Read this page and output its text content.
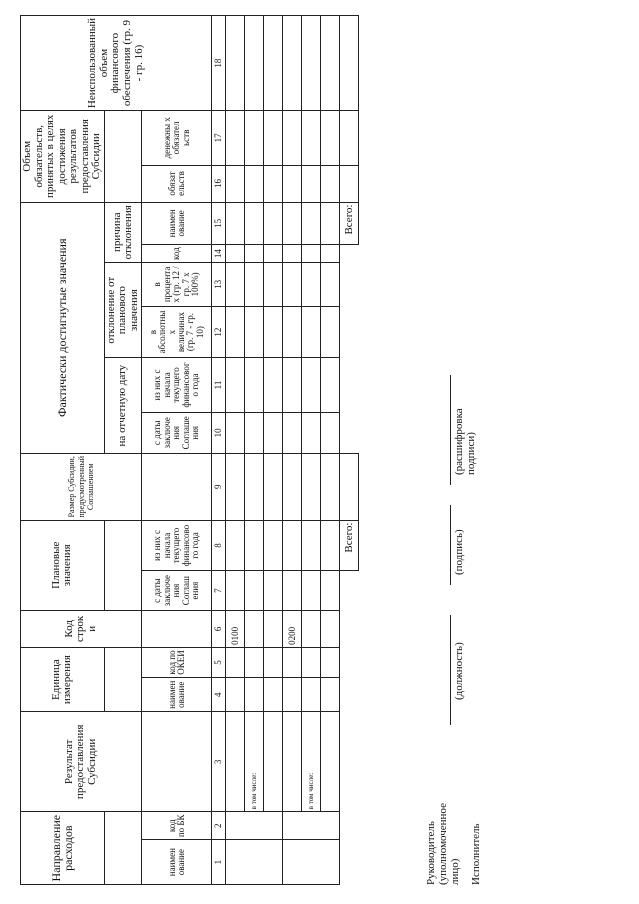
Направление расходов		Результат предоставления Субсидии	Единица измерения		Код строк и	Плановые значения		Размер Субсидии, предусмотренный Соглашением	Фактически достигнутые значения						Объем обязательств, принятых в целях достижения результатов предоставления Субсидии		Неиспользованный объем финансового обеспечения (гр. 9 - гр. 16)
									на отчетную дату		отклонение от планового значения		причина отклонения				
наимен ование	код по БК		наимен ование	код по ОКЕИ		с даты заключе ния Соглаш ения	из них с начала текущего финансово го года		с даты заключе ния Соглаше ния	из них с начала текущего финансовог о года	в абсолютны х величинах (гр. 7 - гр. 10)	в процента х (гр. 12 / гр. 7 x 100%)	код	наимен ование	обязат ельств	денежны х обязател ьств	
1	2	3	4	5	6	7	8	9	10	11	12	13	14	15	16	17	18
					0100												
		в том числе:															

					0200												
		в том числе:															

							Всего:							Всего:			
Руководитель (уполномоченное лицо)
(должность)
(подпись)
(расшифровка подписи)
Исполнитель
